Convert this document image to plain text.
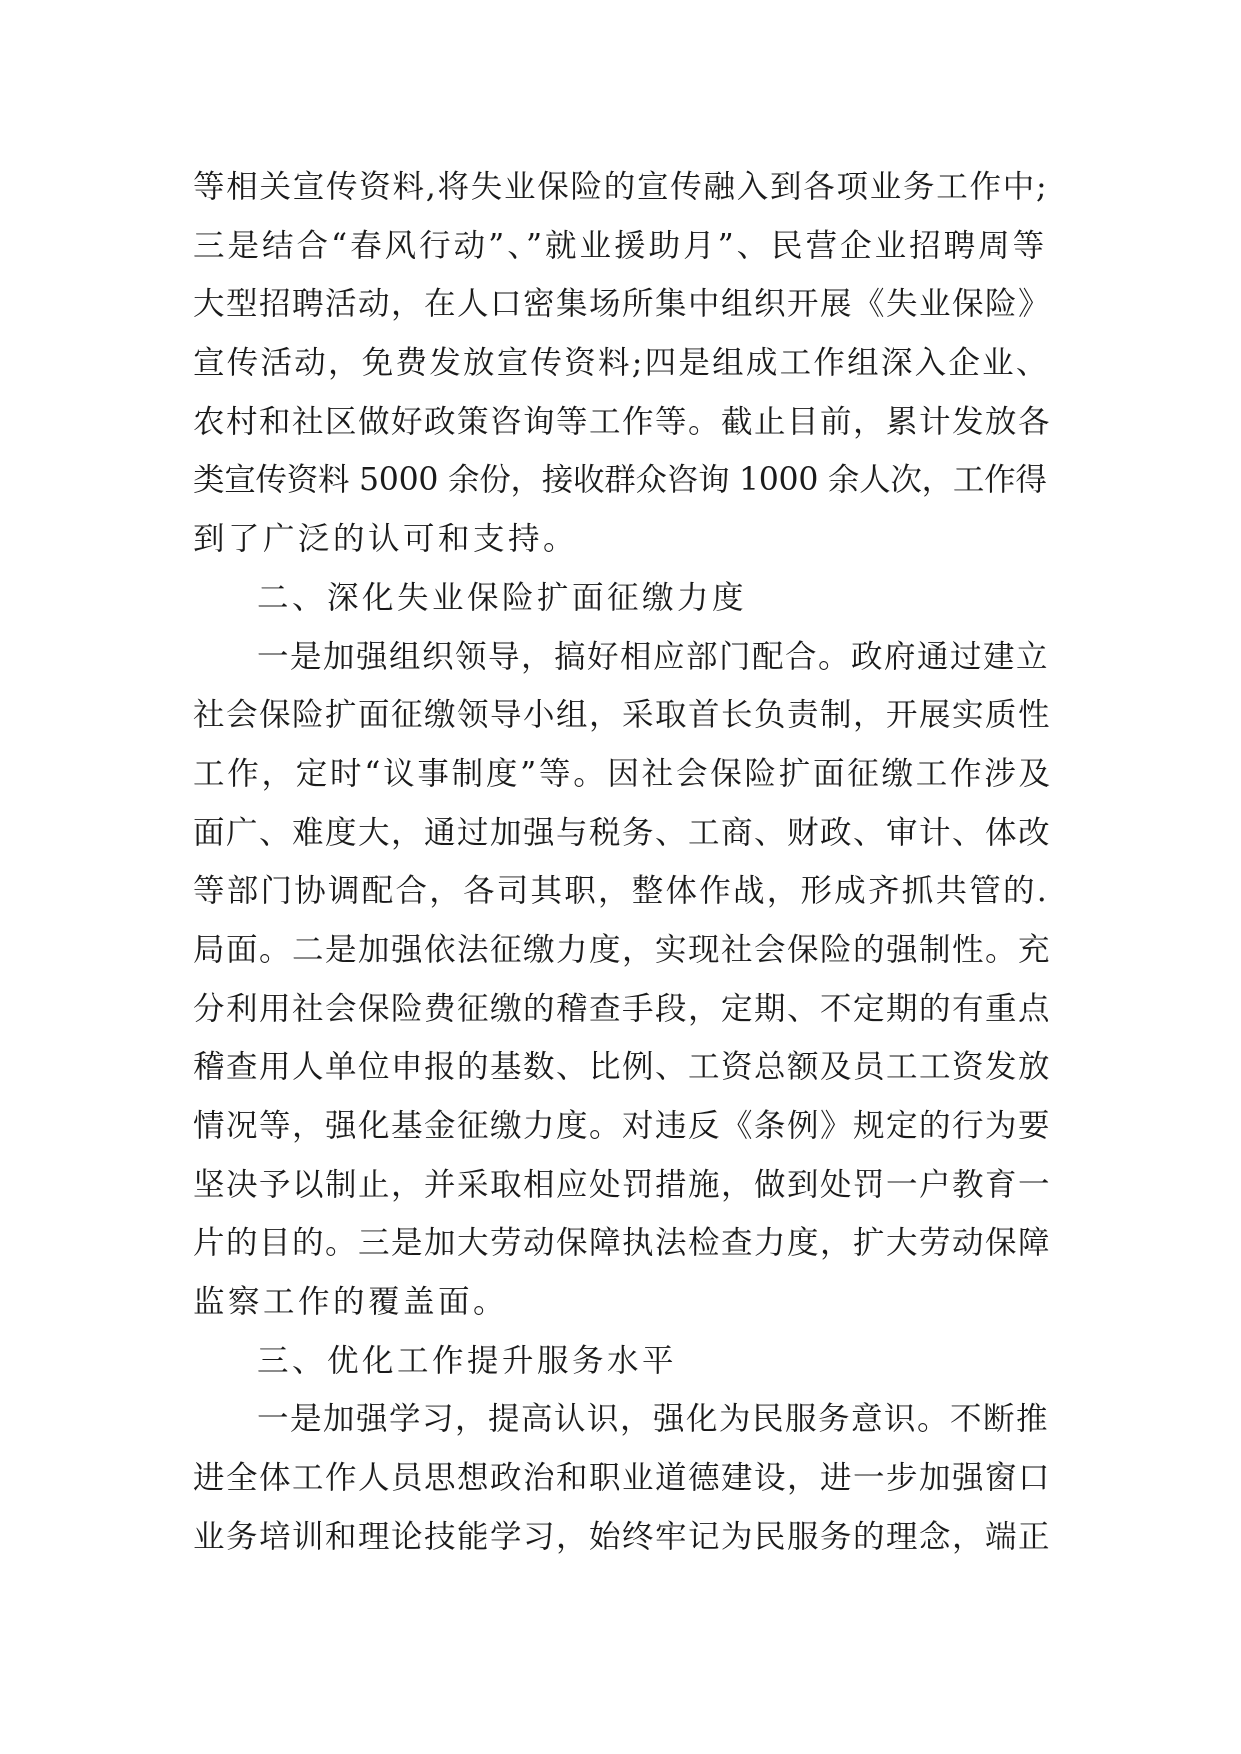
等相关宣传资料,将失业保险的宣传融入到各项业务工作中;
三是结合“春风行动”、”就业援助月”、民营企业招聘周等
大型招聘活动，在人口密集场所集中组织开展《失业保险》
宣传活动，免费发放宣传资料;四是组成工作组深入企业、
农村和社区做好政策咨询等工作等。截止目前，累计发放各
类宣传资料 5000 余份，接收群众咨询 1000 余人次，工作得
到了广泛的认可和支持。
二、深化失业保险扩面征缴力度
一是加强组织领导，搞好相应部门配合。政府通过建立
社会保险扩面征缴领导小组，采取首长负责制，开展实质性
工作，定时“议事制度”等。因社会保险扩面征缴工作涉及
面广、难度大，通过加强与税务、工商、财政、审计、体改
等部门协调配合，各司其职，整体作战，形成齐抓共管的.
局面。二是加强依法征缴力度，实现社会保险的强制性。充
分利用社会保险费征缴的稽查手段，定期、不定期的有重点
稽查用人单位申报的基数、比例、工资总额及员工工资发放
情况等，强化基金征缴力度。对违反《条例》规定的行为要
坚决予以制止，并采取相应处罚措施，做到处罚一户教育一
片的目的。三是加大劳动保障执法检查力度，扩大劳动保障
监察工作的覆盖面。
三、优化工作提升服务水平
一是加强学习，提高认识，强化为民服务意识。不断推
进全体工作人员思想政治和职业道德建设，进一步加强窗口
业务培训和理论技能学习，始终牢记为民服务的理念，端正
